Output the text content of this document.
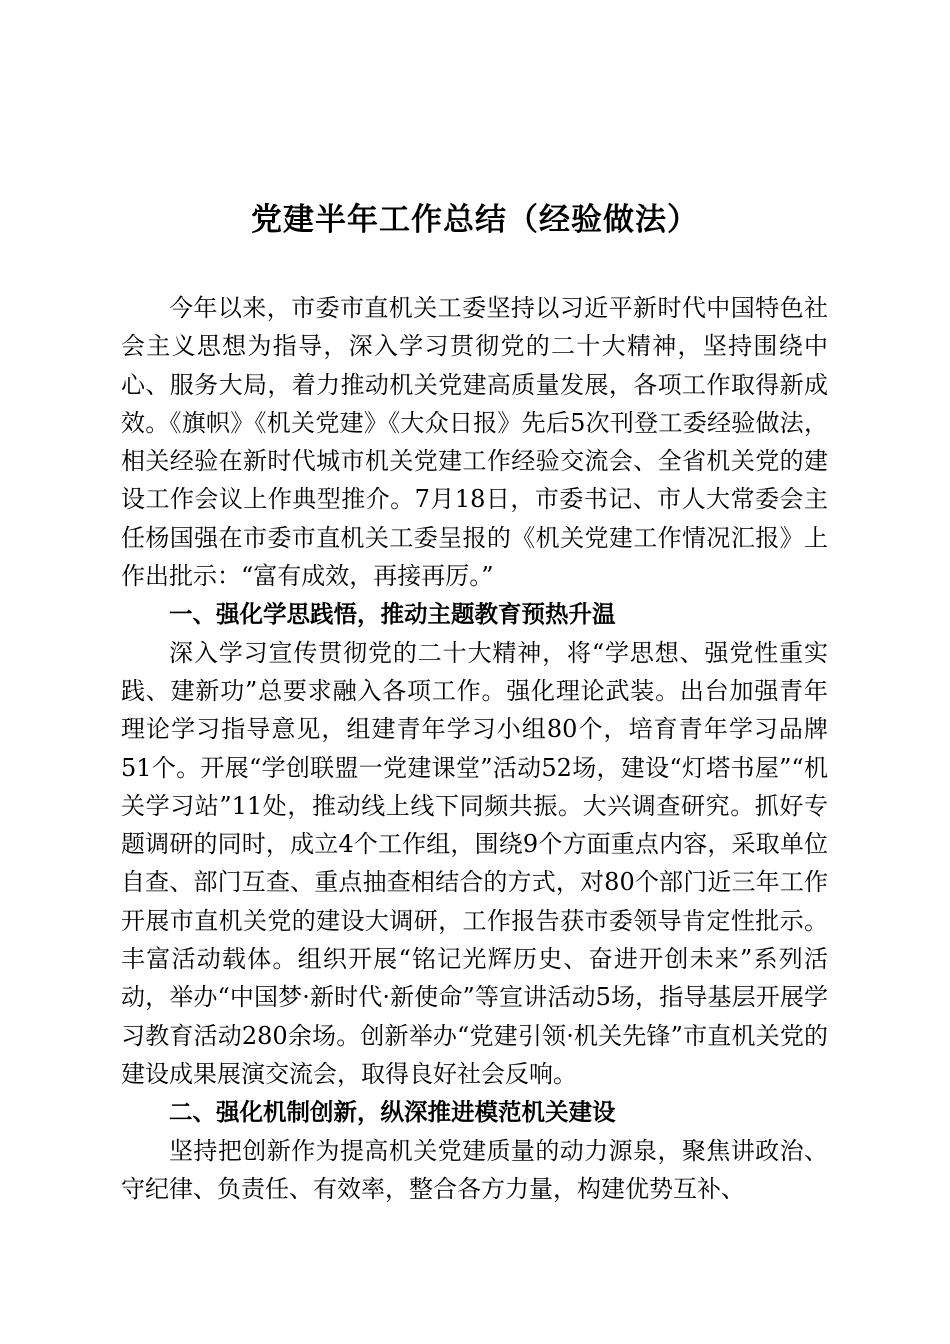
党建半年工作总结（经验做法）

今年以来，市委市直机关工委坚持以习近平新时代中国特色社会主义思想为指导，深入学习贯彻党的二十大精神，坚持围绕中心、服务大局，着力推动机关党建高质量发展，各项工作取得新成效。《旗帜》《机关党建》《大众日报》先后5次刊登工委经验做法，相关经验在新时代城市机关党建工作经验交流会、全省机关党的建设工作会议上作典型推介。7月18日，市委书记、市人大常委会主任杨国强在市委市直机关工委呈报的《机关党建工作情况汇报》上作出批示：“富有成效，再接再厉。”

一、强化学思践悟，推动主题教育预热升温

深入学习宣传贯彻党的二十大精神，将“学思想、强党性重实践、建新功”总要求融入各项工作。强化理论武装。出台加强青年理论学习指导意见，组建青年学习小组80个，培育青年学习品牌51个。开展“学创联盟一党建课堂”活动52场，建设“灯塔书屋”“机关学习站”11处，推动线上线下同频共振。大兴调查研究。抓好专题调研的同时，成立4个工作组，围绕9个方面重点内容，采取单位自查、部门互查、重点抽查相结合的方式，对80个部门近三年工作开展市直机关党的建设大调研，工作报告获市委领导肯定性批示。丰富活动载体。组织开展“铭记光辉历史、奋进开创未来”系列活动，举办“中国梦·新时代·新使命”等宣讲活动5场，指导基层开展学习教育活动280余场。创新举办“党建引领·机关先锋”市直机关党的建设成果展演交流会，取得良好社会反响。

二、强化机制创新，纵深推进模范机关建设

坚持把创新作为提高机关党建质量的动力源泉，聚焦讲政治、守纪律、负责任、有效率，整合各方力量，构建优势互补、
